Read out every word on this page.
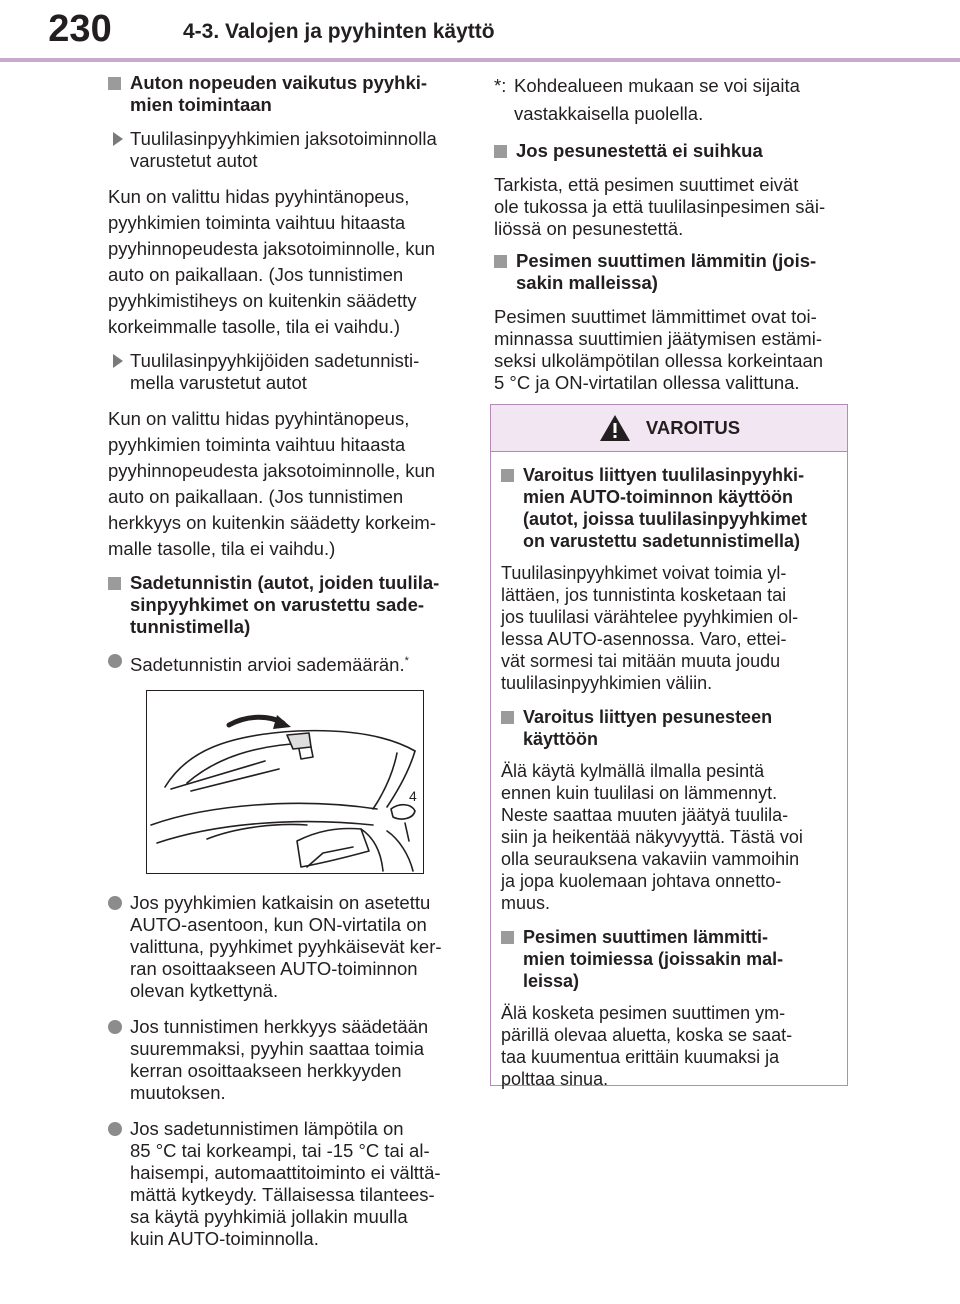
230	4-3. Valojen ja pyyhinten käyttö
Auton nopeuden vaikutus pyyhki-
mien toimintaan
Tuulilasinpyyhkimien jaksotoiminnolla
varustetut autot
Kun on valittu hidas pyyhintänopeus,
pyyhkimien toiminta vaihtuu hitaasta
pyyhinnopeudesta jaksotoiminnolle, kun
auto on paikallaan. (Jos tunnistimen
pyyhkimistiheys on kuitenkin säädetty
korkeimmalle tasolle, tila ei vaihdu.)
Tuulilasinpyyhkijöiden sadetunnisti-
mella varustetut autot
Kun on valittu hidas pyyhintänopeus,
pyyhkimien toiminta vaihtuu hitaasta
pyyhinnopeudesta jaksotoiminnolle, kun
auto on paikallaan. (Jos tunnistimen
herkkyys on kuitenkin säädetty korkeim-
malle tasolle, tila ei vaihdu.)
Sadetunnistin (autot, joiden tuulila-
sinpyyhkimet on varustettu sade-
tunnistimella)
Sadetunnistin arvioi sademäärän.*
4
Jos pyyhkimien katkaisin on asetettu
AUTO-asentoon, kun ON-virtatila on
valittuna, pyyhkimet pyyhkäisevät ker-
ran osoittaakseen AUTO-toiminnon
olevan kytkettynä.
Jos tunnistimen herkkyys säädetään
suuremmaksi, pyyhin saattaa toimia
kerran osoittaakseen herkkyyden
muutoksen.
Jos sadetunnistimen lämpötila on
85 °C tai korkeampi, tai -15 °C tai al-
haisempi, automaattitoiminto ei välttä-
mättä kytkeydy. Tällaisessa tilantees-
sa käytä pyyhkimiä jollakin muulla
kuin AUTO-toiminnolla.
*: Kohdealueen mukaan se voi sijaita
vastakkaisella puolella.
Jos pesunestettä ei suihkua
Tarkista, että pesimen suuttimet eivät
ole tukossa ja että tuulilasinpesimen säi-
liössä on pesunestettä.
Pesimen suuttimen lämmitin (jois-
sakin malleissa)
Pesimen suuttimet lämmittimet ovat toi-
minnassa suuttimien jäätymisen estämi-
seksi ulkolämpötilan ollessa korkeintaan
5 °C ja ON-virtatilan ollessa valittuna.
VAROITUS
Varoitus liittyen tuulilasinpyyhki-
mien AUTO-toiminnon käyttöön
(autot, joissa tuulilasinpyyhkimet
on varustettu sadetunnistimella)
Tuulilasinpyyhkimet voivat toimia yl-
lättäen, jos tunnistinta kosketaan tai
jos tuulilasi värähtelee pyyhkimien ol-
lessa AUTO-asennossa. Varo, ettei-
vät sormesi tai mitään muuta joudu
tuulilasinpyyhkimien väliin.
Varoitus liittyen pesunesteen
käyttöön
Älä käytä kylmällä ilmalla pesintä
ennen kuin tuulilasi on lämmennyt.
Neste saattaa muuten jäätyä tuulila-
siin ja heikentää näkyvyyttä. Tästä voi
olla seurauksena vakaviin vammoihin
ja jopa kuolemaan johtava onnetto-
muus.
Pesimen suuttimen lämmitti-
mien toimiessa (joissakin mal-
leissa)
Älä kosketa pesimen suuttimen ym-
pärillä olevaa aluetta, koska se saat-
taa kuumentua erittäin kuumaksi ja
polttaa sinua.
